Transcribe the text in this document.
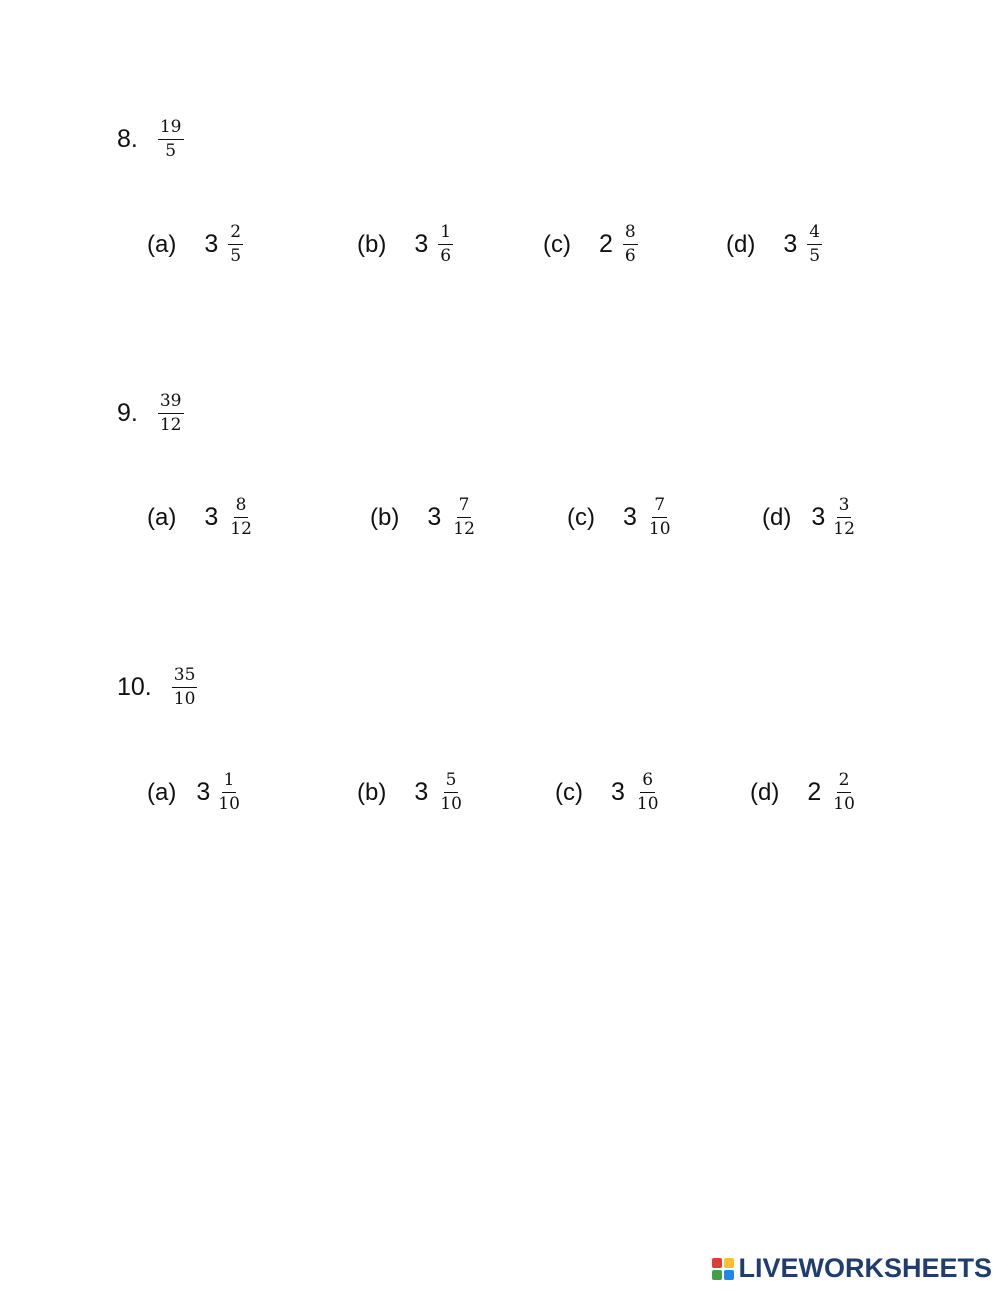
8. $\frac{19}{5}$
(a) $3 \frac{2}{5}$	(b) $3 \frac{1}{6}$	(c) $2 \frac{8}{6}$	(d) $3 \frac{4}{5}$
9. $\frac{39}{12}$
(a) $3 \frac{8}{12}$	(b) $3 \frac{7}{12}$	(c) $3 \frac{7}{10}$	(d) $3 \frac{3}{12}$
10. $\frac{35}{10}$
(a) $3 \frac{1}{10}$	(b) $3 \frac{5}{10}$	(c) $3 \frac{6}{10}$	(d) $2 \frac{2}{10}$
LIVEWORKSHEETS
